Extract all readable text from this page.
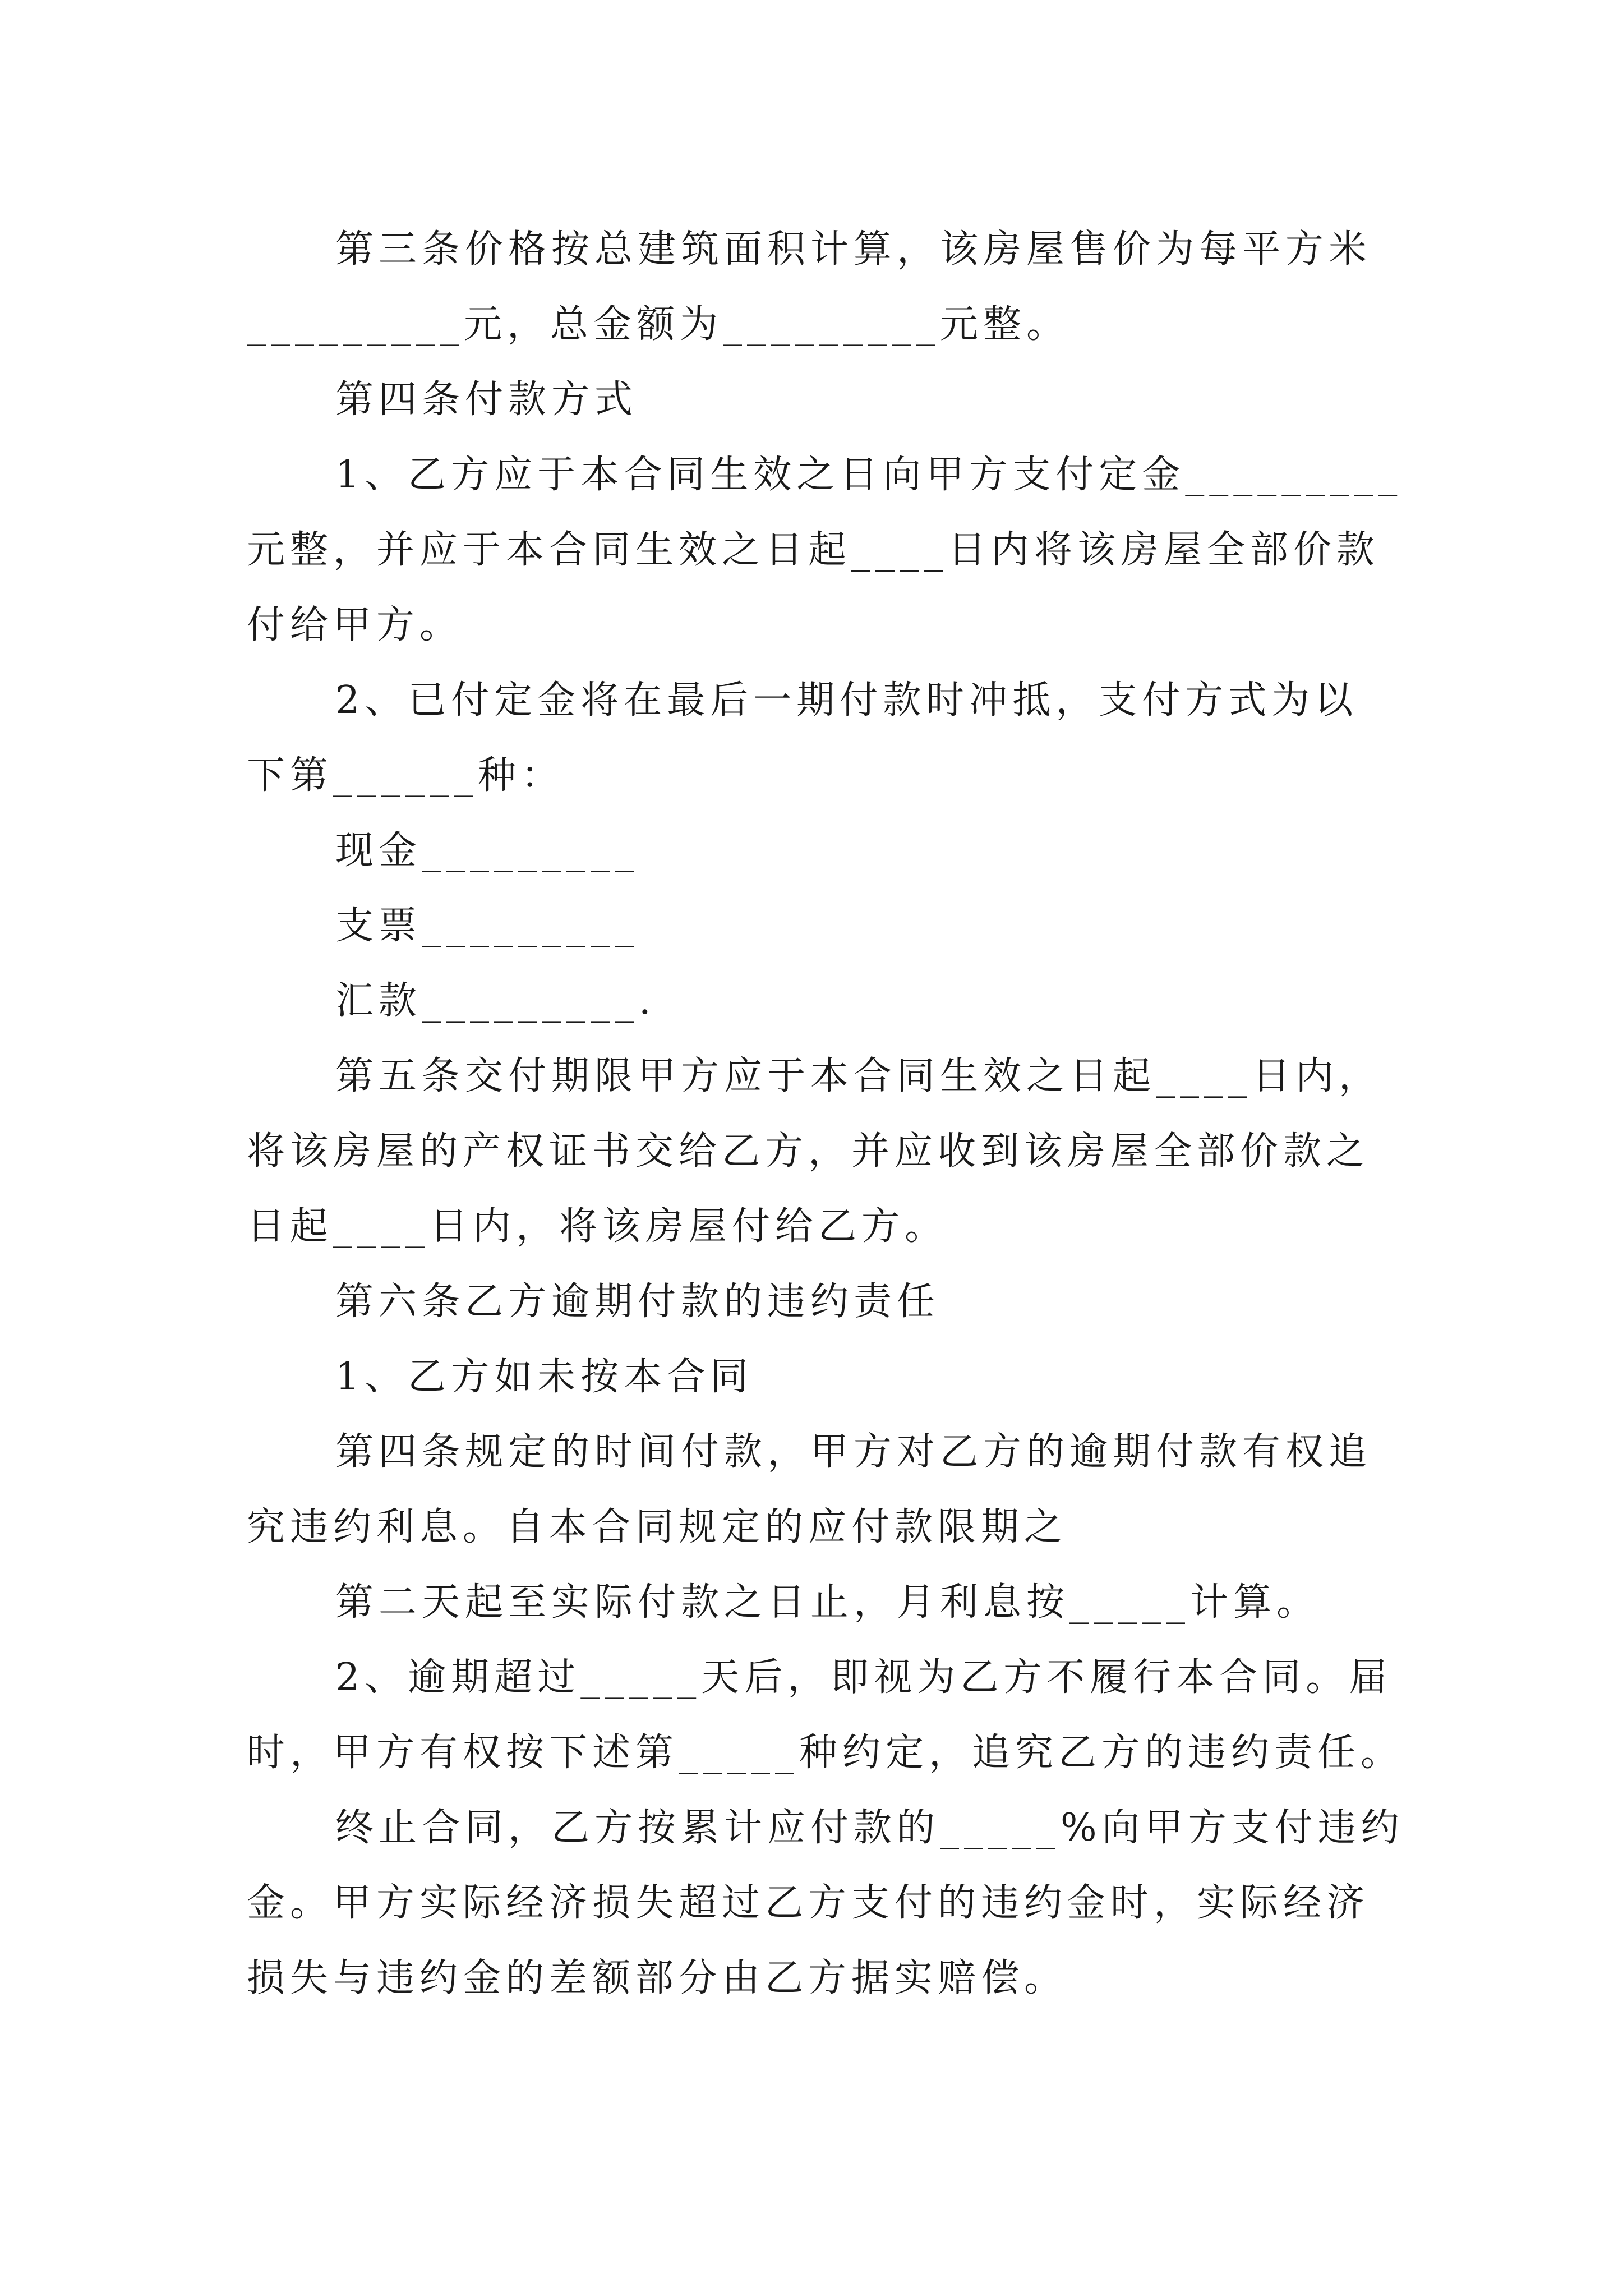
第三条价格按总建筑面积计算，该房屋售价为每平方米
_________元，总金额为_________元整。
第四条付款方式
1、乙方应于本合同生效之日向甲方支付定金_________
元整，并应于本合同生效之日起____日内将该房屋全部价款
付给甲方。
2、已付定金将在最后一期付款时冲抵，支付方式为以
下第______种：
现金_________
支票_________
汇款_________.
第五条交付期限甲方应于本合同生效之日起____日内，
将该房屋的产权证书交给乙方，并应收到该房屋全部价款之
日起____日内，将该房屋付给乙方。
第六条乙方逾期付款的违约责任
1、乙方如未按本合同
第四条规定的时间付款，甲方对乙方的逾期付款有权追
究违约利息。自本合同规定的应付款限期之
第二天起至实际付款之日止，月利息按_____计算。
2、逾期超过_____天后，即视为乙方不履行本合同。届
时，甲方有权按下述第_____种约定，追究乙方的违约责任。
终止合同，乙方按累计应付款的_____%向甲方支付违约
金。甲方实际经济损失超过乙方支付的违约金时，实际经济
损失与违约金的差额部分由乙方据实赔偿。
